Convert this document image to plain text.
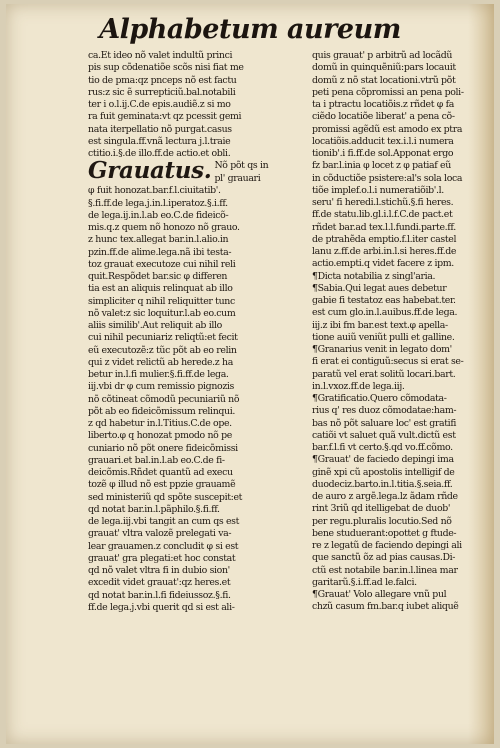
Alphabetum aureum
ca.Et ideo nõ valet indultũ princi
pis sup cõdenatiõe scõs nisi fiat me
tio de pma:qz pnceps nõ est factu
rus:z sic ẽ surrepticiũ.bal.notabili
ter i o.l.ij.C.de epis.audiẽ.z si mo
ra fuit geminata:vt qz pcessit gemi
nata iterpellatio nõ purgat.casus
est singula.ff.vnã lectura j.l.traie
ctitio.i.§.de illo.ff.de actio.et obli.
Grauatus. Nõ põt qs in
pl' grauari
φ fuit honozat.bar.f.l.ciuitatib'.
§.fi.ff.de lega.j.in.l.iperatoz.§.i.ff.
de lega.ij.in.l.ab eo.C.de fideicõ-
mis.q.z quem nõ honozo nõ grauo.
z hunc tex.allegat bar.in.l.alio.in
pzin.ff.de alime.lega.nã ibi testa-
toz grauat executoze cui nihil reli
quit.Respõdet bar.sic φ differen
tia est an aliquis relinquat ab illo
simpliciter q nihil reliquitter tunc
nõ valet:z sic loquitur.l.ab eo.cum
aliis similib'.Aut reliquit ab illo
cui nihil pecuniariz reliqtũ:et fecit
eũ executozẽ:z tũc põt ab eo relin
qui z videt relictũ ab herede.z ha
betur in.l.fi mulier.§.fi.ff.de lega.
iij.vbi dr φ cum remissio pignozis
nõ cõtineat cõmodũ pecuniariũ nõ
põt ab eo fideicõmissum relinqui.
z qd habetur in.l.Titius.C.de ope.
liberto.φ q honozat pmodo nõ pe
cuniario nõ põt onere fideicõmissi
grauari.et bal.in.l.ab eo.C.de fi-
deicõmis.Rñdet quantũ ad execu
tozẽ φ illud nõ est ppzie grauamẽ
sed ministeriũ qd spõte suscepit:et
qd notat bar.in.l.pãphilo.§.fi.ff.
de lega.iij.vbi tangit an cum qs est
grauat' vltra valozẽ prelegati va-
lear grauamen.z concludit φ si est
grauat' gra plegati:et hoc constat
qd nõ valet vltra fi in dubio sion'
excedit videt grauat':qz heres.et
qd notat bar.in.l.fi fideiussoz.§.fi.
ff.de lega.j.vbi querit qd si est ali-
quis grauat' p arbitrũ ad locãdũ
domũ in quinquẽniũ:pars locauit
domũ z nõ stat locationi.vtrũ põt
peti pena cõpromissi an pena poli-
ta i ptractu locatiõis.z rñdet φ fa
ciẽdo locatiõe liberat' a pena cõ-
promissi agẽdũ est amodo ex ptra
locatiõis.adducit tex.i.l.i numera
tionib'.i fi.ff.de sol.Apponat ergo
fz bar.l.inia φ locet z φ patiaf eũ
in cõductiõe psistere:al's sola loca
tiõe implef.o.l.i numeratiõib'.l.
seru' fi heredi.l.stichũ.§.fi heres.
ff.de statu.lib.gl.i.l.f.C.de pact.et
rñdet bar.ad tex.l.l.fundi.parte.ff.
de ptrahẽda emptio.f.l.iter castel
lanu z.ff.de arbi.in.l.si heres.ff.de
actio.empti.q videt facere z ipm.
¶Dicta notabilia z singl'aria.
¶Sabia.Qui legat aues debetur
gabie fi testatoz eas habebat.ter.
est cum glo.in.l.auibus.ff.de lega.
iij.z ibi fm bar.est text.φ apella-
tione auiũ veniũt pulli et galline.
¶Granarius venit in legato dom'
fi erat ei contiguũ:secus si erat se-
paratũ vel erat solitũ locari.bart.
in.l.vxoz.ff.de lega.iij.
¶Gratificatio.Quero cõmodata-
rius q' res duoz cõmodatae:ham-
bas nõ põt saluare loc' est gratifi
catiõi vt saluet quã vult.dictũ est
bar.f.l.fi vt certo.§.qd vo.ff.cõmo.
¶Grauat' de faciedo depingi ima
ginẽ xpi cũ apostolis intelligif de
duodeciz.barto.in.l.titia.§.seia.ff.
de auro z argẽ.lega.lz ãdam rñde
rint 3riũ qd itelligebat de duob'
per regu.pluralis locutio.Sed nõ
bene studuerant:opottet g ftude-
re z legatũ de faciendo depingi ali
que sanctũ õz ad pias causas.Di-
ctũ est notabile bar.in.l.linea mar
garitarũ.§.i.ff.ad le.falci.
¶Grauat' Volo allegare vnũ pul
chzũ casum fm.bar.q iubet aliquẽ
